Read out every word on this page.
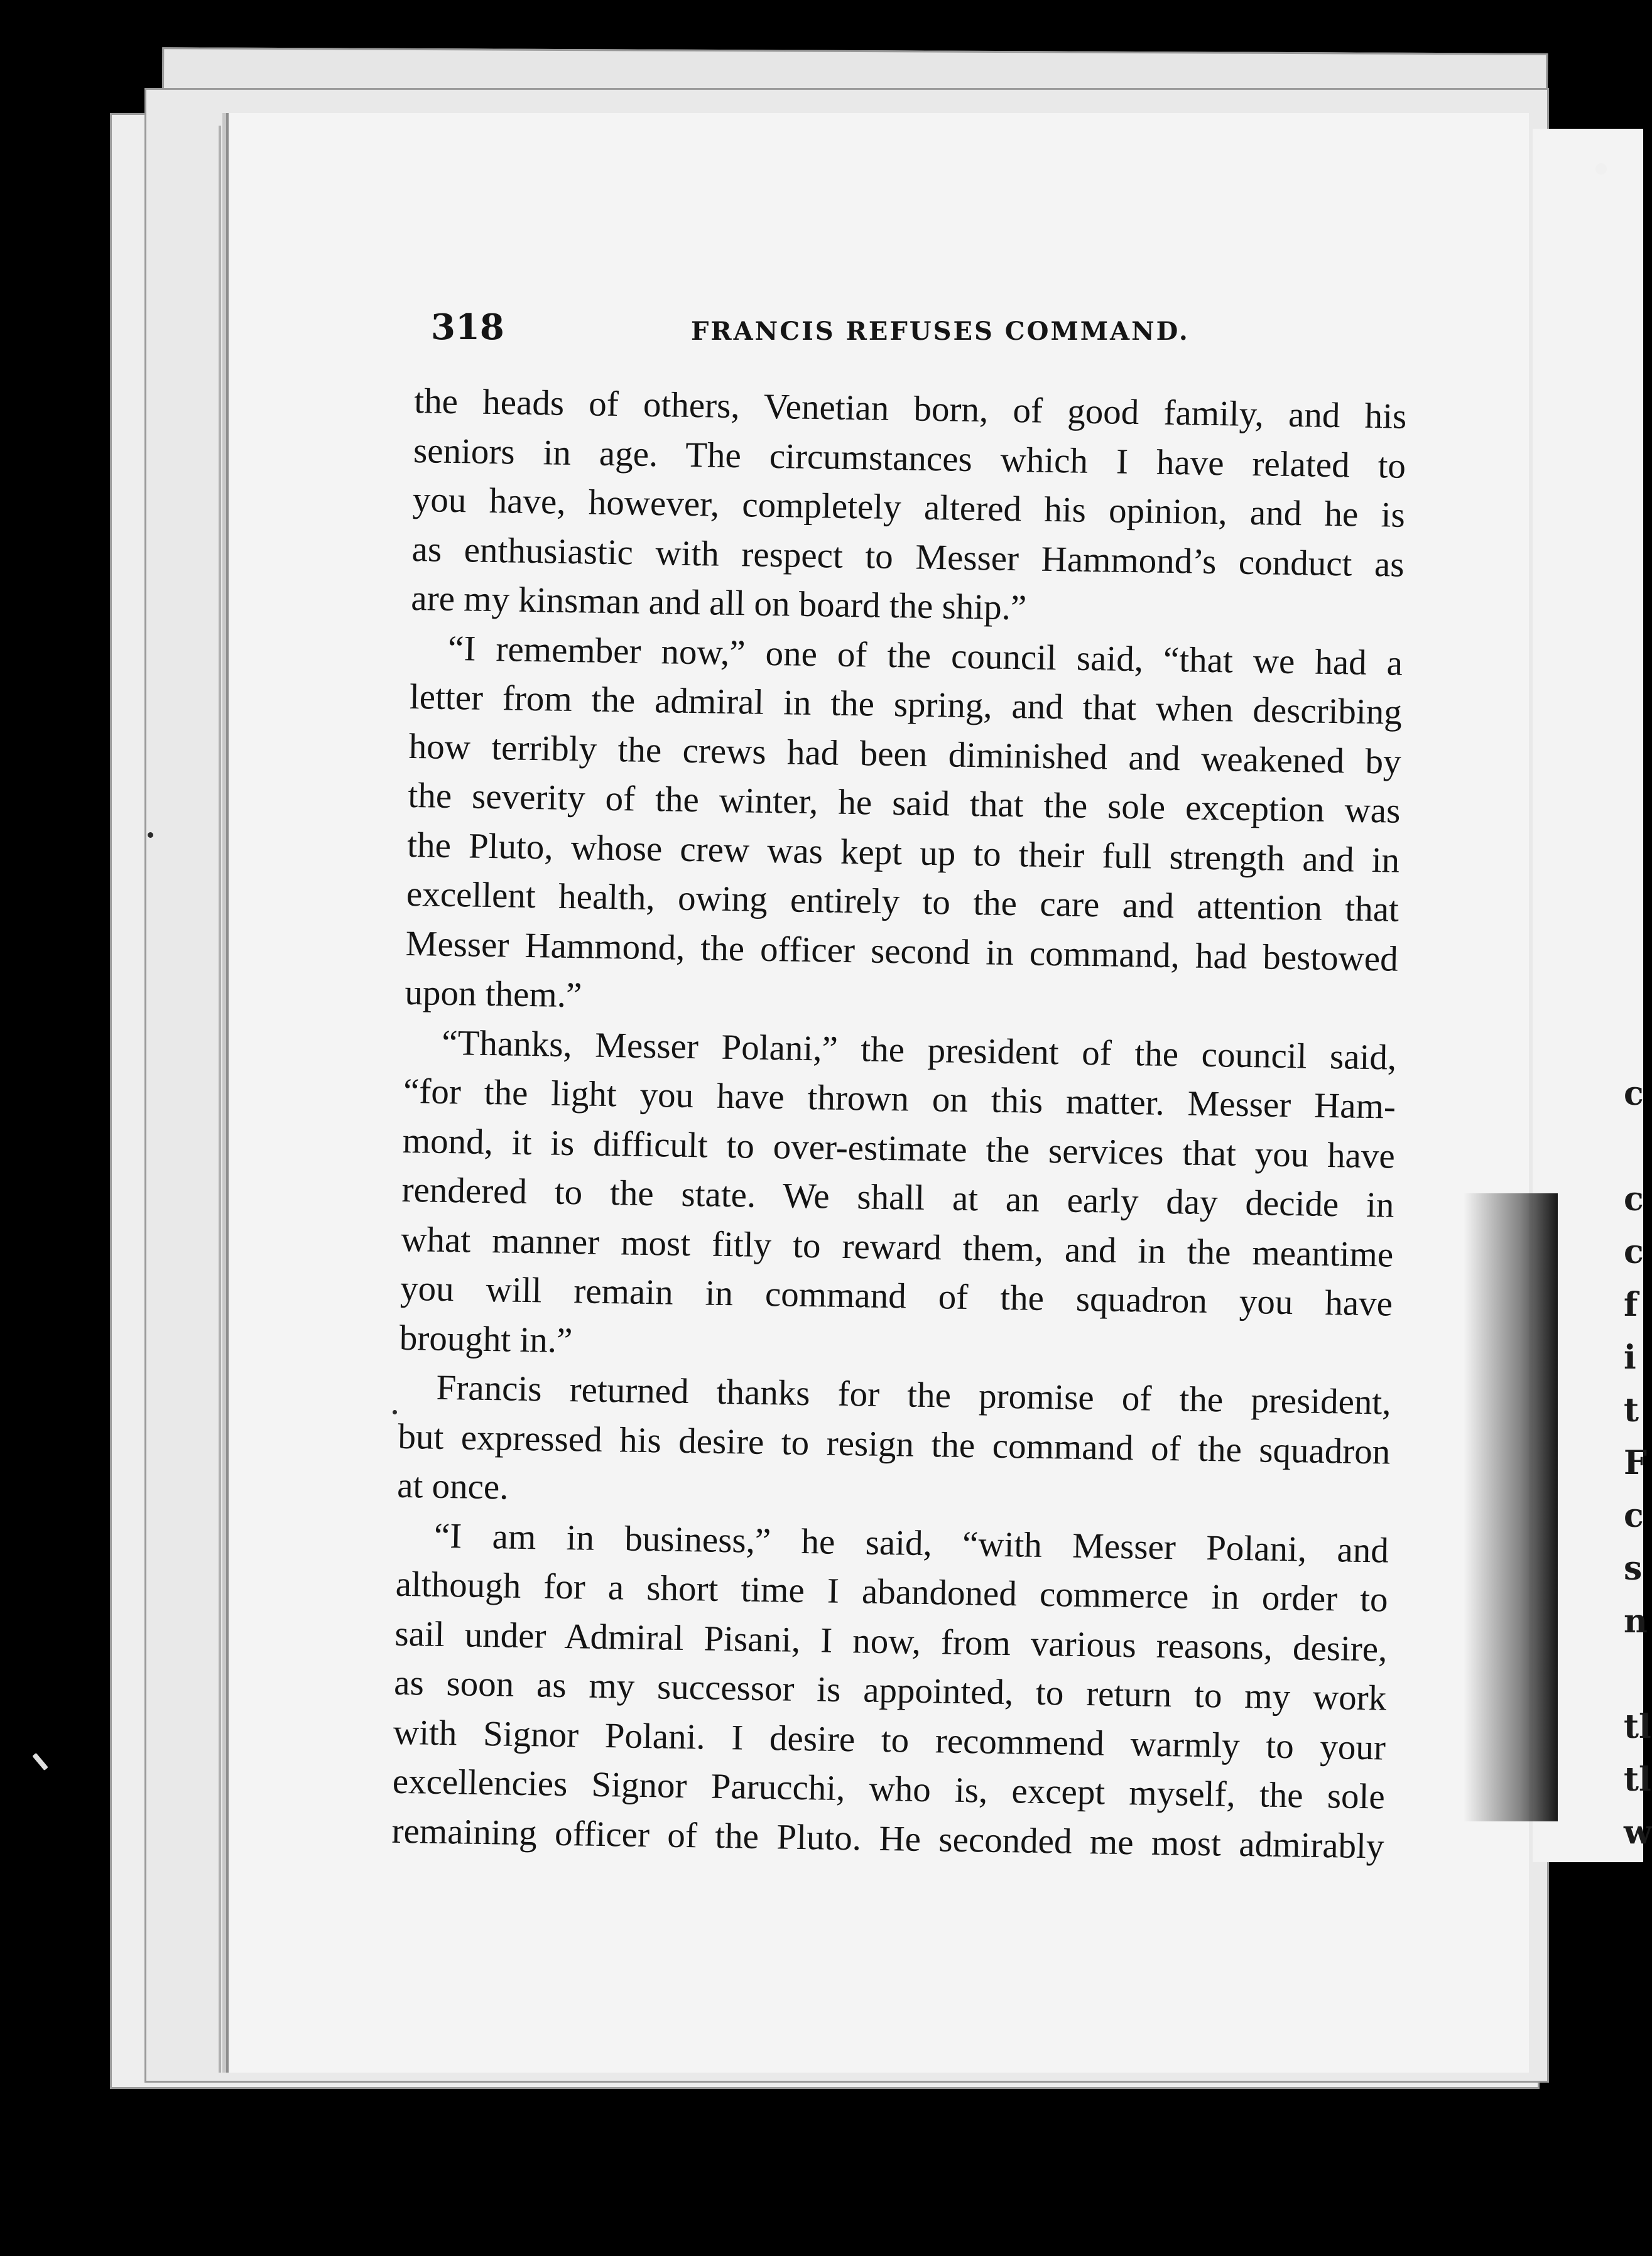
c
c
c
f
i
t
F
c
s
n
tl
tl
w
318	FRANCIS REFUSES COMMAND.
the heads of others, Venetian born, of good family, and his
seniors in age. The circumstances which I have related to
you have, however, completely altered his opinion, and he is
as enthusiastic with respect to Messer Hammond’s conduct as
are my kinsman and all on board the ship.”
“I remember now,” one of the council said, “that we had a
letter from the admiral in the spring, and that when describing
how terribly the crews had been diminished and weakened by
the severity of the winter, he said that the sole exception was
the Pluto, whose crew was kept up to their full strength and in
excellent health, owing entirely to the care and attention that
Messer Hammond, the officer second in command, had bestowed
upon them.”
“Thanks, Messer Polani,” the president of the council said,
“for the light you have thrown on this matter. Messer Ham-
mond, it is difficult to over-estimate the services that you have
rendered to the state. We shall at an early day decide in
what manner most fitly to reward them, and in the meantime
you will remain in command of the squadron you have
brought in.”
Francis returned thanks for the promise of the president,
but expressed his desire to resign the command of the squadron
at once.
“I am in business,” he said, “with Messer Polani, and
although for a short time I abandoned commerce in order to
sail under Admiral Pisani, I now, from various reasons, desire,
as soon as my successor is appointed, to return to my work
with Signor Polani. I desire to recommend warmly to your
excellencies Signor Parucchi, who is, except myself, the sole
remaining officer of the Pluto. He seconded me most admirably
